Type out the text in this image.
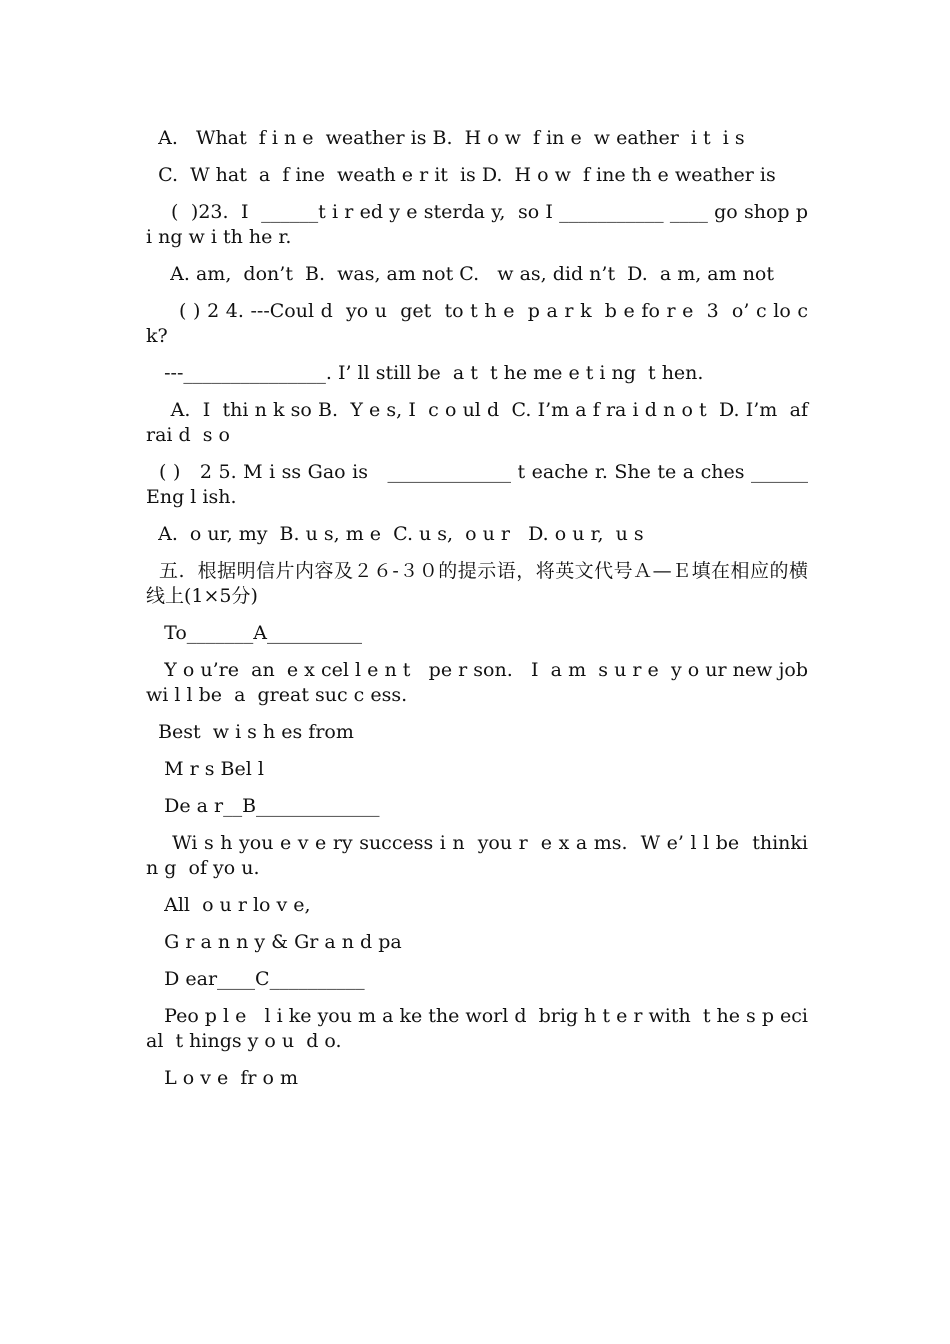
A.   What  f i n e  weather is B.  H o w  f in e  w eather  i t  i s

C.  W hat  a  f ine  weath e r it  is D.  H o w  f ine th e weather is

(  )23.  I  ______t i r ed y e sterda y,  so I ___________ ____ go shop p i ng w i th he r.

A. am,  don’t  B.  was, am not C.   w as, did n’t  D.  a m, am not

( ) 2 4. ---Coul d  yo u  get  to t h e  p a r k  b e fo r e  3  o’ c lo c k?

---_______________. I’ ll still be  a t  t he me e t i ng  t hen.

A.  I  thi n k so B.  Y e s, I  c o ul d  C. I’m a f ra i d n o t  D. I’m  afrai d  s o

( )   2 5. M i ss Gao is   _____________ t eache r. She te a ches ______ Eng l ish.

A.  o ur, my  B. u s, m e  C. u s,  o u r   D. o u r,  u s

五.  根据明信片内容及２６-３０的提示语，将英文代号Ａ—Ｅ填在相应的横线上(1×5分)

To_______A__________

Y o u’re  an  e x cel l e n t   pe r son.   I  a m  s u r e  y o ur new job wi l l be  a  great suc c ess.

Best  w i s h es from

M r s Bel l

De a r__B_____________

Wi s h you e v e ry success i n  you r  e x a ms.  W e’ l l be  thinki n g  of yo u.

All  o u r lo v e,

G r a n n y & Gr a n d pa

D ear____C__________

Peo p l e   l i ke you m a ke the worl d  brig h t e r with  t he s p ecial  t hings y o u  d o.

L o v e  fr o m
